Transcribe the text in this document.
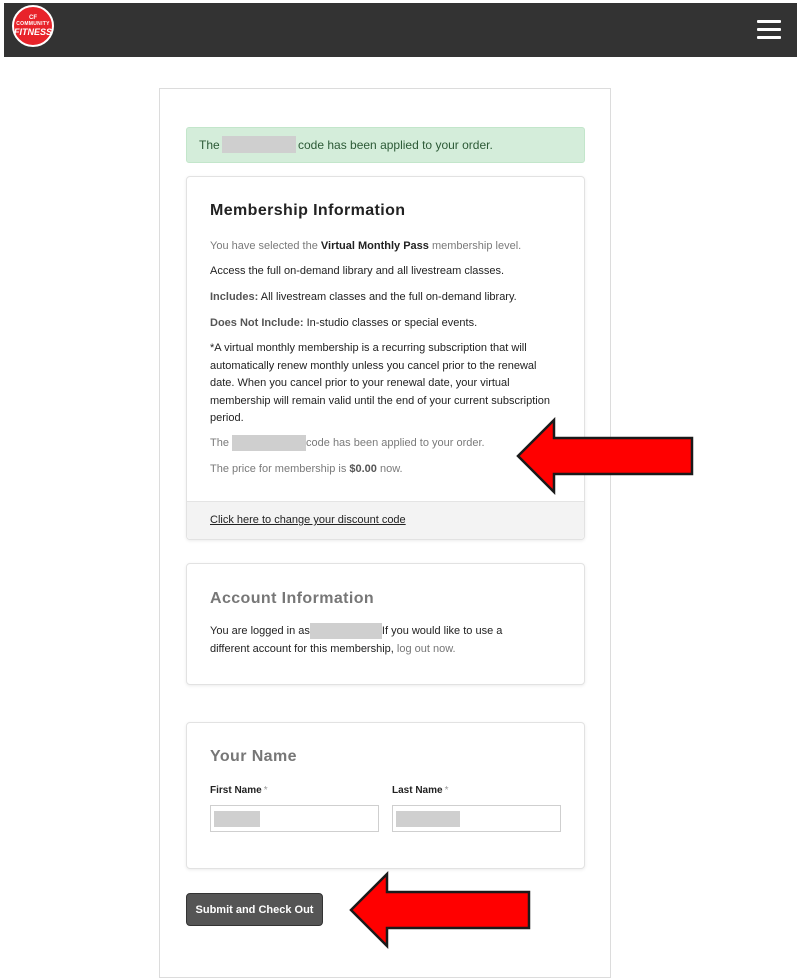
CF
COMMUNITY
FITNESS
The	code has been applied to your order.
Membership Information
You have selected the Virtual Monthly Pass membership level.
Access the full on-demand library and all livestream classes.
Includes: All livestream classes and the full on-demand library.
Does Not Include: In-studio classes or special events.
*A virtual monthly membership is a recurring subscription that will automatically renew monthly unless you cancel prior to the renewal date. When you cancel prior to your renewal date, your virtual membership will remain valid until the end of your current subscription period.
The	code has been applied to your order.
The price for membership is $0.00 now.
Click here to change your discount code
Account Information
You are logged in as	If you would like to use a
different account for this membership, log out now.
Your Name
First Name *	Last Name *
Submit and Check Out
